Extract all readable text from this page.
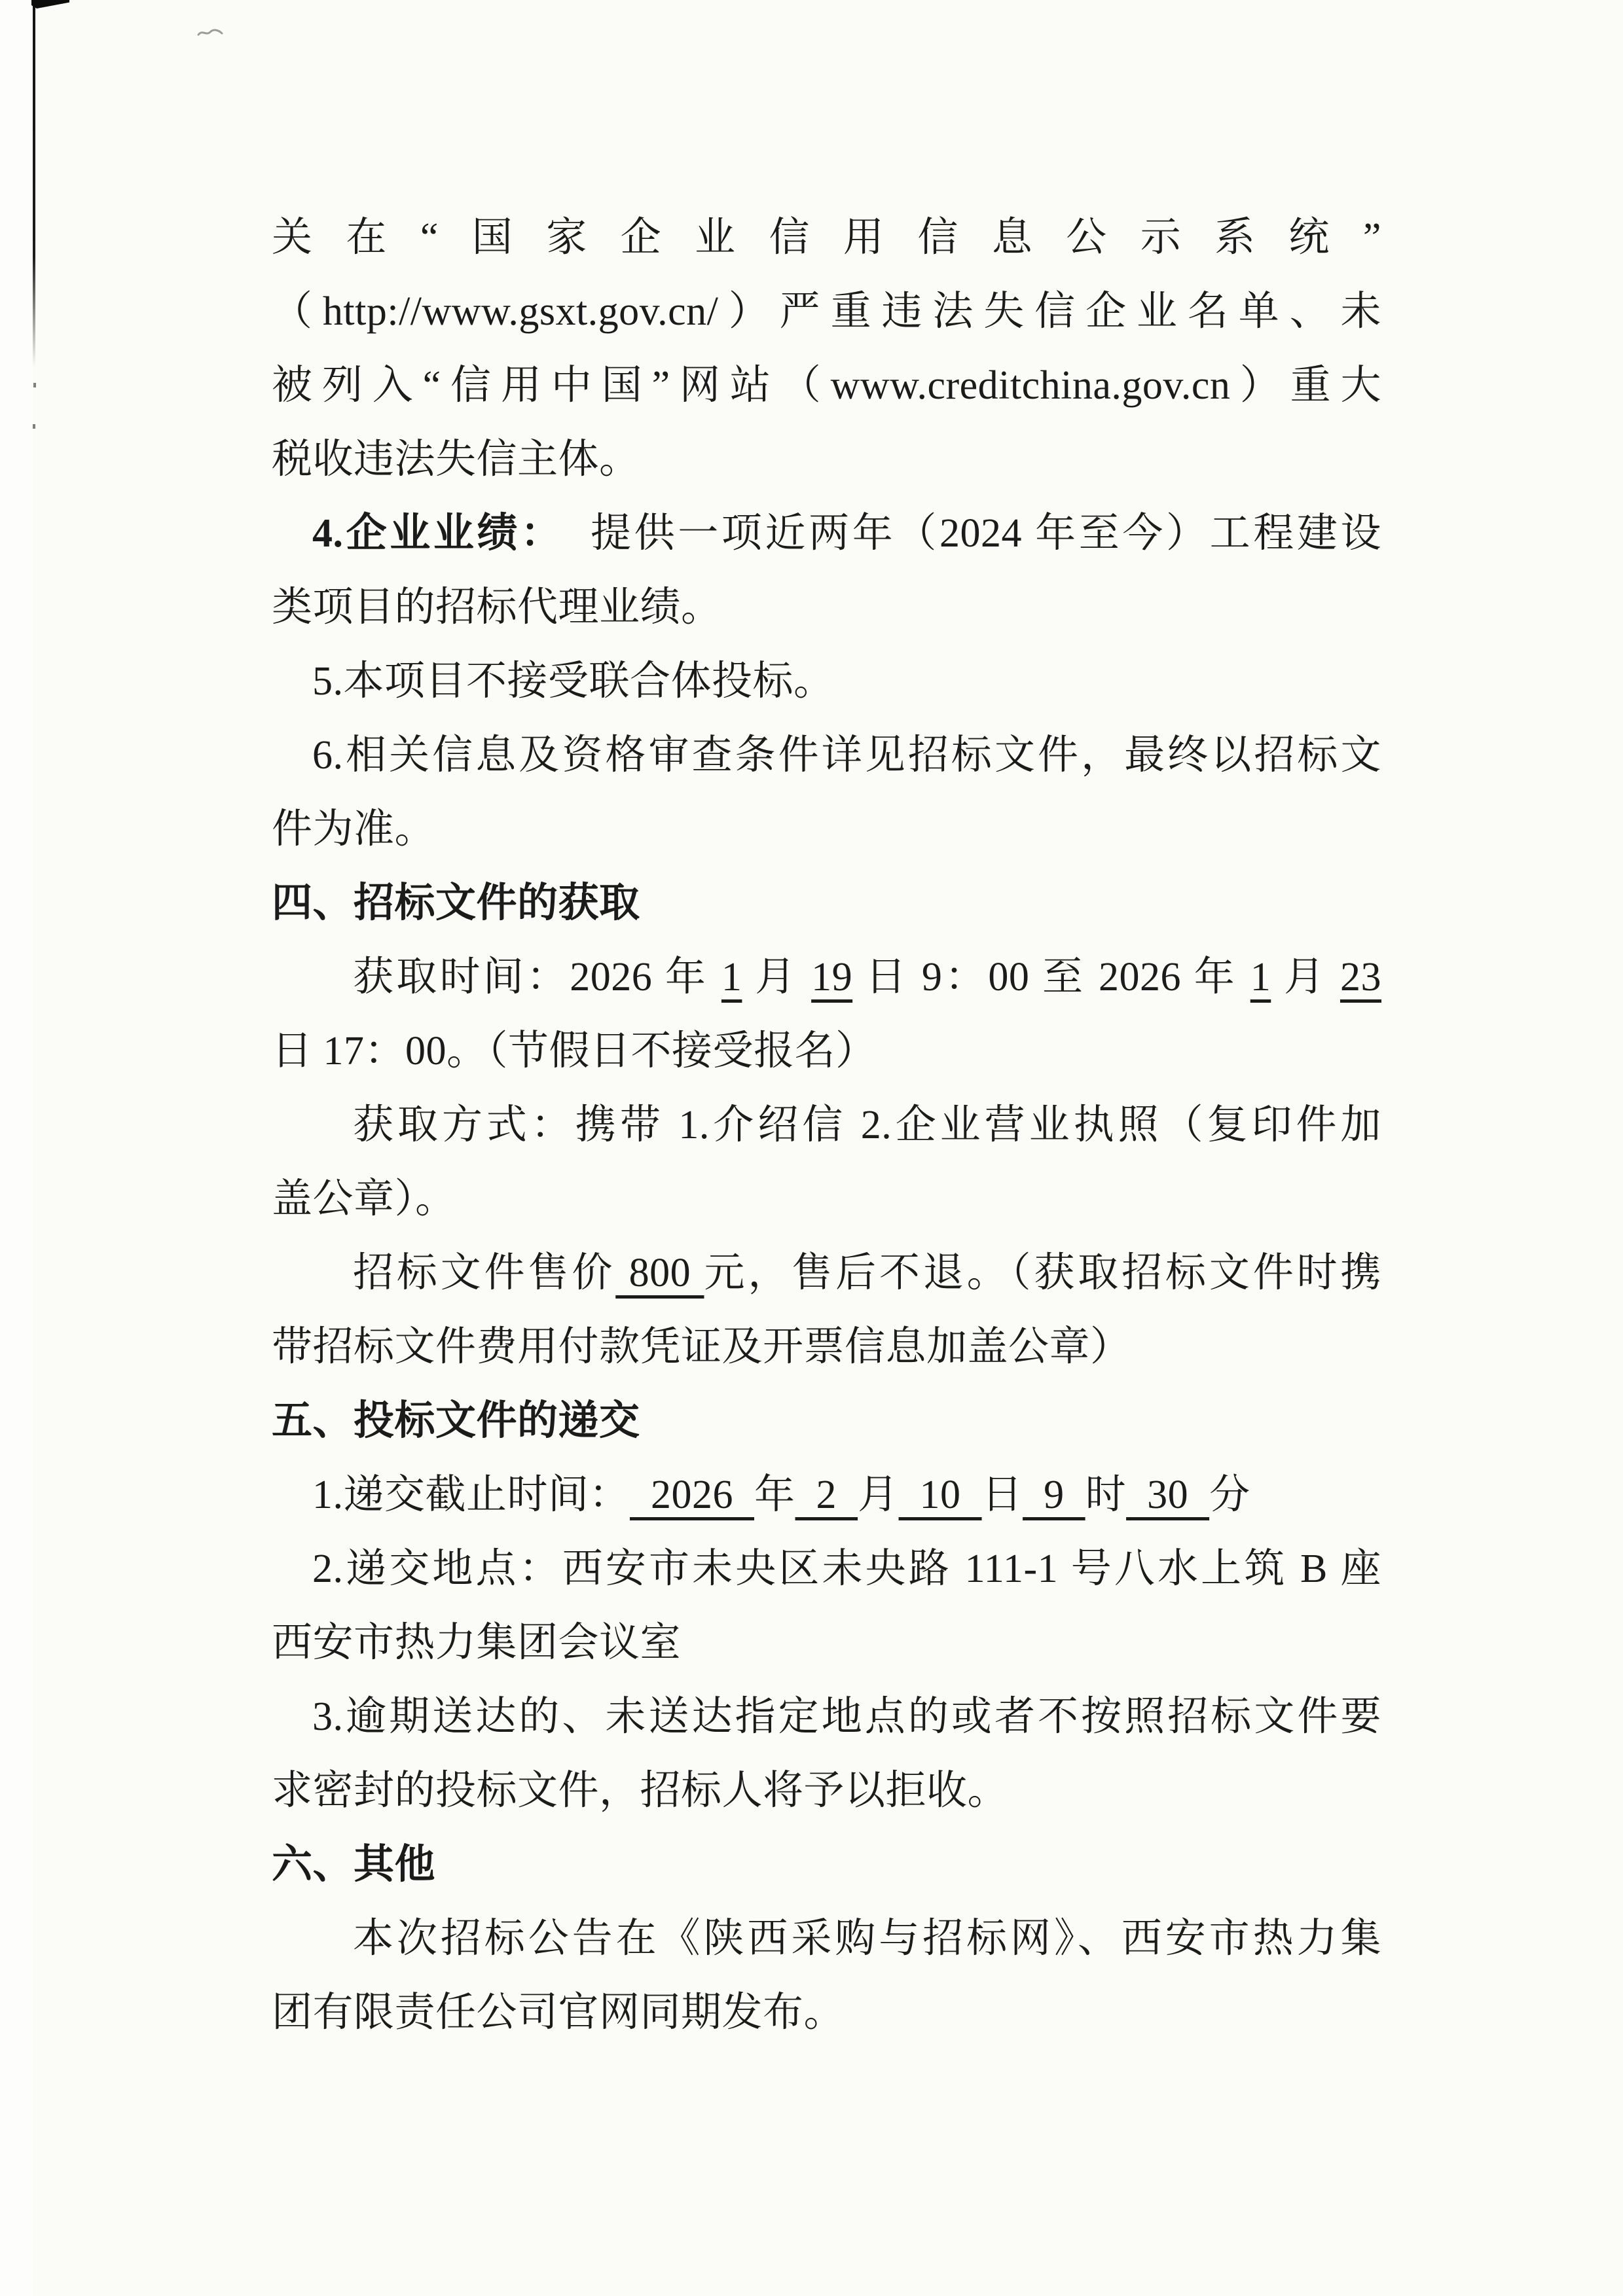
关 在 “ 国 家 企 业 信 用 信 息 公 示 系 统 ”
（http://www.gsxt.gov.cn/）严重违法失信企业名单、未
被列入“信用中国”网站（www.creditchina.gov.cn）重大
税收违法失信主体。
4.企业业绩：  提供一项近两年（2024 年至今）工程建设
类项目的招标代理业绩。
5.本项目不接受联合体投标。
6.相关信息及资格审查条件详见招标文件，最终以招标文
件为准。
四、招标文件的获取
获取时间：2026 年 1 月 19 日 9：00 至 2026 年 1 月 23
日 17：00。（节假日不接受报名）
获取方式：携带 1.介绍信 2.企业营业执照（复印件加
盖公章）。
招标文件售价 800 元，售后不退。（获取招标文件时携
带招标文件费用付款凭证及开票信息加盖公章）
五、投标文件的递交
1.递交截止时间：  2026  年  2  月  10  日  9  时  30  分
2.递交地点：西安市未央区未央路 111-1 号八水上筑 B 座
西安市热力集团会议室
3.逾期送达的、未送达指定地点的或者不按照招标文件要
求密封的投标文件，招标人将予以拒收。
六、其他
本次招标公告在《陕西采购与招标网》、西安市热力集
团有限责任公司官网同期发布。
